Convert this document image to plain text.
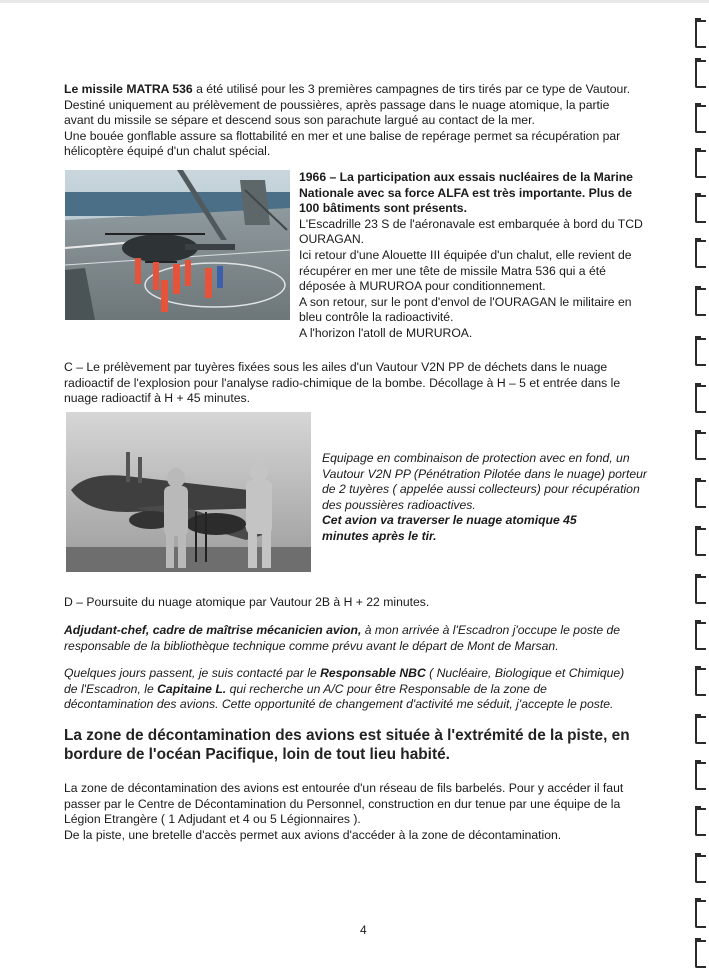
Le missile MATRA 536 a été utilisé pour les 3 premières campagnes de tirs tirés par ce type de Vautour.
Destiné uniquement au prélèvement de poussières, après passage dans le nuage atomique, la partie
avant du missile se sépare et descend sous son parachute largué au contact de la mer.
Une bouée gonflable assure sa flottabilité en mer et une balise de repérage permet sa récupération par
hélicoptère équipé d'un chalut spécial.

1966 – La participation aux essais nucléaires de la Marine
Nationale avec sa force ALFA est très importante. Plus de
100 bâtiments sont présents.
L'Escadrille 23 S de l'aéronavale est embarquée à bord du TCD
OURAGAN.
Ici retour d'une Alouette III équipée d'un chalut, elle revient de
récupérer en mer une tête de missile Matra 536 qui a été
déposée à MURUROA pour conditionnement.
A son retour, sur le pont d'envol de l'OURAGAN le militaire en
bleu contrôle la radioactivité.
A l'horizon l'atoll de MURUROA.

C – Le prélèvement par tuyères fixées sous les ailes d'un Vautour V2N PP de déchets dans le nuage
radioactif de l'explosion pour l'analyse radio-chimique de la bombe. Décollage à H – 5 et entrée dans le
nuage radioactif à H + 45 minutes.

Equipage en combinaison de protection avec en fond, un
Vautour V2N PP (Pénétration Pilotée dans le nuage) porteur
de 2 tuyères ( appelée aussi collecteurs) pour récupération
des poussières radioactives.
Cet avion va traverser le nuage atomique 45
minutes après le tir.

D – Poursuite du nuage atomique par Vautour 2B à H + 22 minutes.

Adjudant-chef, cadre de maîtrise mécanicien avion, à mon arrivée à l'Escadron j'occupe le poste de
responsable de la bibliothèque technique comme prévu avant le départ de Mont de Marsan.

Quelques jours passent, je suis contacté par le Responsable NBC ( Nucléaire, Biologique et Chimique)
de l'Escadron, le Capitaine L. qui recherche un A/C pour être Responsable de la zone de
décontamination des avions. Cette opportunité de changement d'activité me séduit, j'accepte le poste.

La zone de décontamination des avions est située à l'extrémité de la piste, en
bordure de l'océan Pacifique, loin de tout lieu habité.

La zone de décontamination des avions est entourée d'un réseau de fils barbelés. Pour y accéder il faut
passer par le Centre de Décontamination du Personnel, construction en dur tenue par une équipe de la
Légion Etrangère ( 1 Adjudant et 4 ou 5 Légionnaires ).
De la piste, une bretelle d'accès permet aux avions d'accéder à la zone de décontamination.

4
